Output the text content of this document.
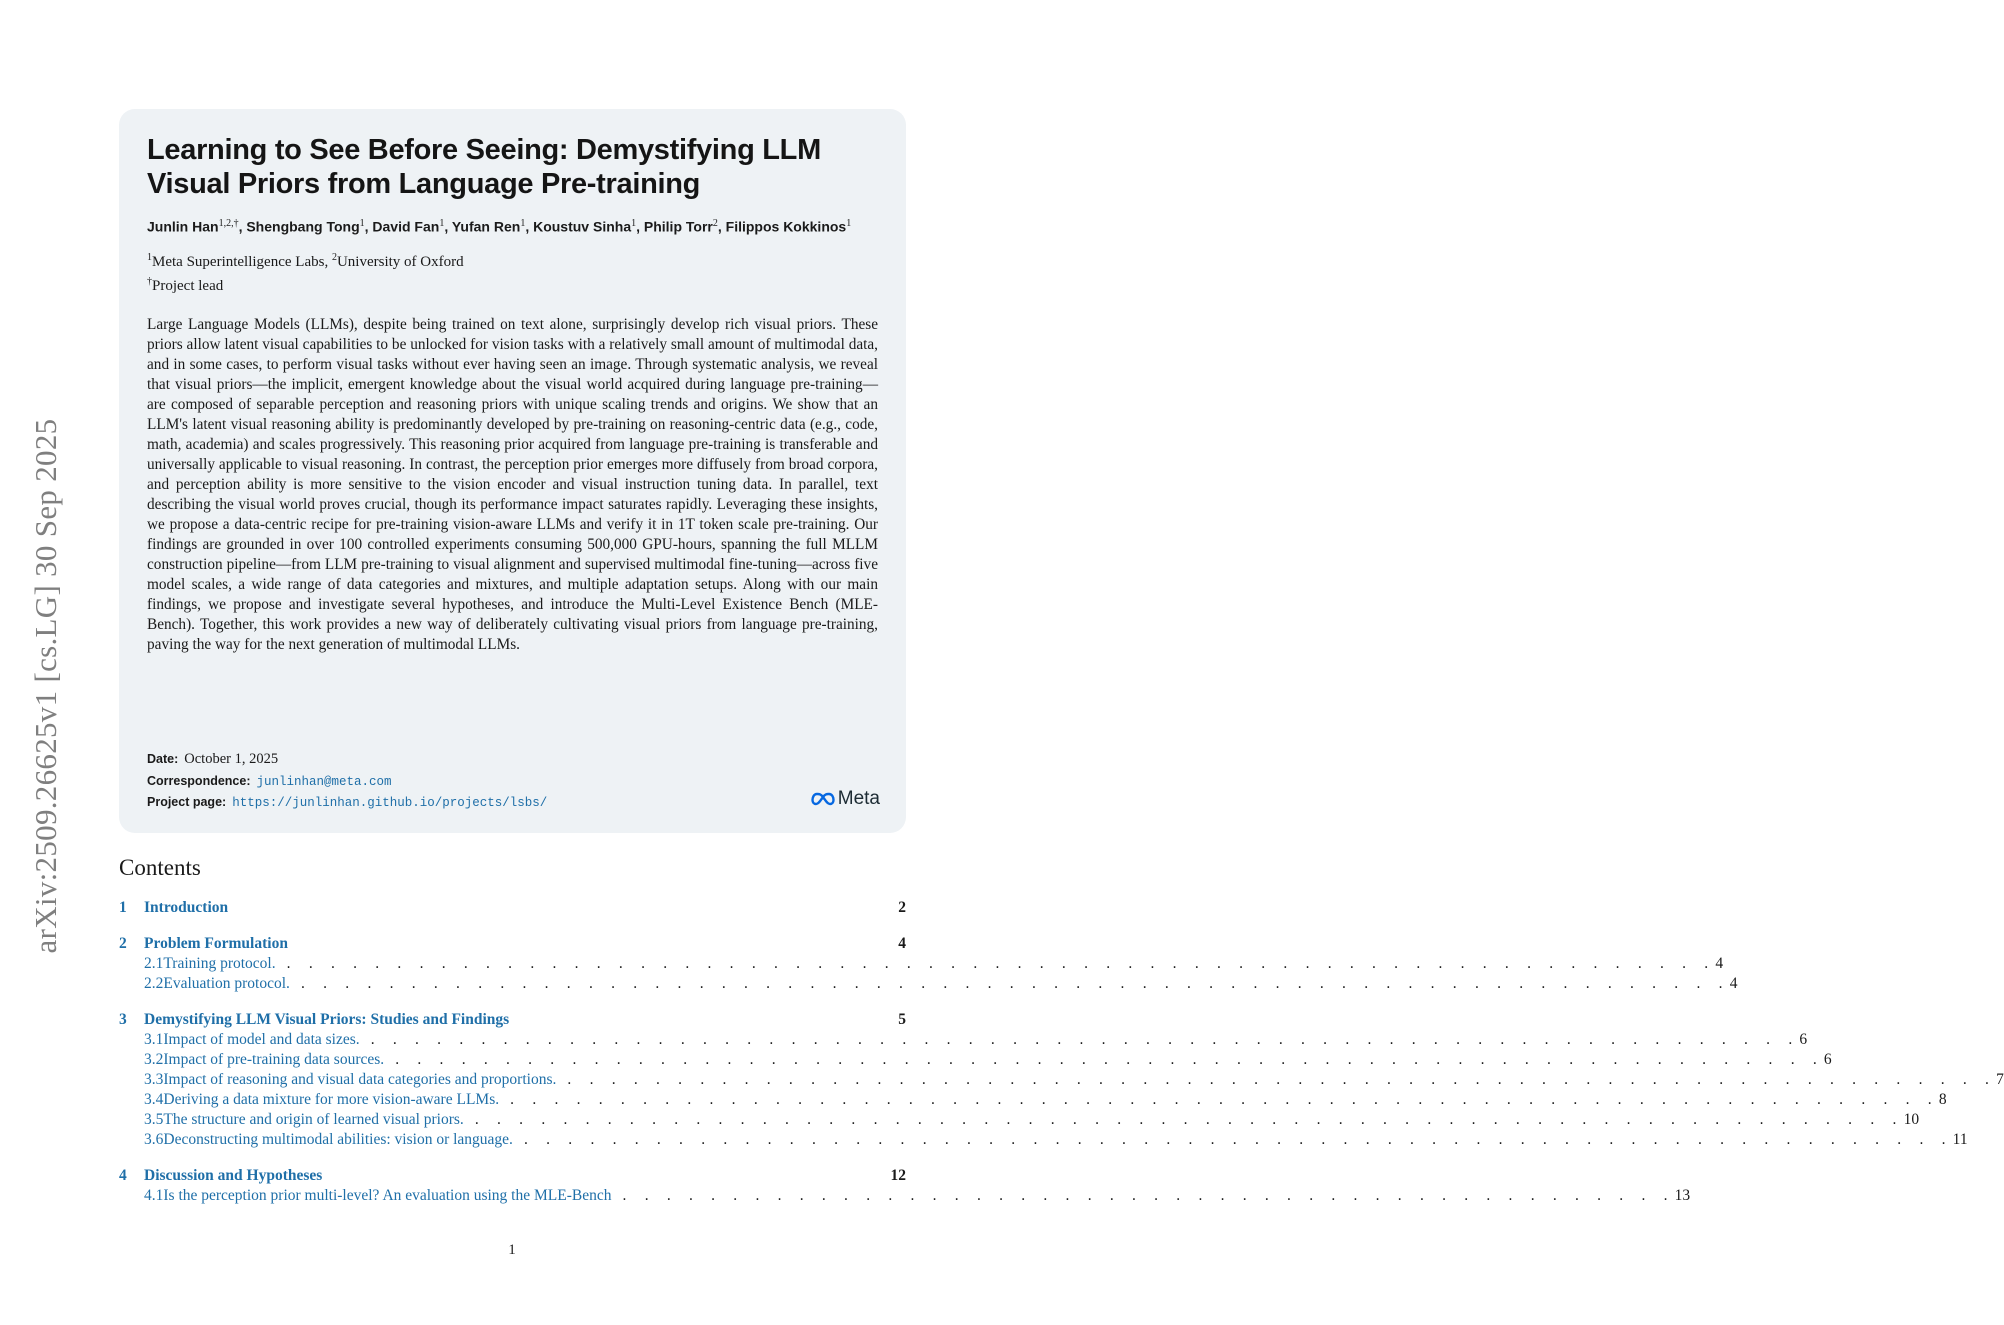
arXiv:2509.26625v1 [cs.LG] 30 Sep 2025
Learning to See Before Seeing: Demystifying LLM Visual Priors from Language Pre-training
Junlin Han$^{1,2,\dagger}$, Shengbang Tong$^1$, David Fan$^1$, Yufan Ren$^1$, Koustuv Sinha$^1$, Philip Torr$^2$, Filippos Kokkinos$^1$
$^1$Meta Superintelligence Labs, $^2$University of Oxford
†Project lead
Large Language Models (LLMs), despite being trained on text alone, surprisingly develop rich visual priors. These priors allow latent visual capabilities to be unlocked for vision tasks with a relatively small amount of multimodal data, and in some cases, to perform visual tasks without ever having seen an image. Through systematic analysis, we reveal that visual priors—the implicit, emergent knowledge about the visual world acquired during language pre-training—are composed of separable perception and reasoning priors with unique scaling trends and origins. We show that an LLM's latent visual reasoning ability is predominantly developed by pre-training on reasoning-centric data (e.g., code, math, academia) and scales progressively. This reasoning prior acquired from language pre-training is transferable and universally applicable to visual reasoning. In contrast, the perception prior emerges more diffusely from broad corpora, and perception ability is more sensitive to the vision encoder and visual instruction tuning data. In parallel, text describing the visual world proves crucial, though its performance impact saturates rapidly. Leveraging these insights, we propose a data-centric recipe for pre-training vision-aware LLMs and verify it in 1T token scale pre-training. Our findings are grounded in over 100 controlled experiments consuming 500,000 GPU-hours, spanning the full MLLM construction pipeline—from LLM pre-training to visual alignment and supervised multimodal fine-tuning—across five model scales, a wide range of data categories and mixtures, and multiple adaptation setups. Along with our main findings, we propose and investigate several hypotheses, and introduce the Multi-Level Existence Bench (MLE-Bench). Together, this work provides a new way of deliberately cultivating visual priors from language pre-training, paving the way for the next generation of multimodal LLMs.
Date: October 1, 2025
Correspondence: junlinhan@meta.com
Project page: https://junlinhan.github.io/projects/lsbs/	Meta
Contents
1	Introduction	2
2	Problem Formulation	4
2.1 Training protocol. . . . . . . . . . . . . . . . . . . . . . . . . . . . . . . . . . . . . . . . . . . . . . . . . . . . . . . . . . . . . . . . . . 4
2.2 Evaluation protocol. . . . . . . . . . . . . . . . . . . . . . . . . . . . . . . . . . . . . . . . . . . . . . . . . . . . . . . . . . . . . . . . . . 4
3	Demystifying LLM Visual Priors: Studies and Findings	5
3.1 Impact of model and data sizes. . . . . . . . . . . . . . . . . . . . . . . . . . . . . . . . . . . . . . . . . . . . . . . . . . . . . . . . . . . . . . . . . . 6
3.2 Impact of pre-training data sources. . . . . . . . . . . . . . . . . . . . . . . . . . . . . . . . . . . . . . . . . . . . . . . . . . . . . . . . . . . . . . . . . . 6
3.3 Impact of reasoning and visual data categories and proportions. . . . . . . . . . . . . . . . . . . . . . . . . . . . . . . . . . . . . . . . . . . . . . . . . . . . . . . . . . . . . . . . . . 7
3.4 Deriving a data mixture for more vision-aware LLMs. . . . . . . . . . . . . . . . . . . . . . . . . . . . . . . . . . . . . . . . . . . . . . . . . . . . . . . . . . . . . . . . . . 8
3.5 The structure and origin of learned visual priors. . . . . . . . . . . . . . . . . . . . . . . . . . . . . . . . . . . . . . . . . . . . . . . . . . . . . . . . . . . . . . . . . . 10
3.6 Deconstructing multimodal abilities: vision or language. . . . . . . . . . . . . . . . . . . . . . . . . . . . . . . . . . . . . . . . . . . . . . . . . . . . . . . . . . . . . . . . . . 11
4	Discussion and Hypotheses	12
4.1 Is the perception prior multi-level? An evaluation using the MLE-Bench . . . . . . . . . . . . . . . . . . . . . . . . . . . . . . . . . . . . . . . . . . . . . . . . 13
1
